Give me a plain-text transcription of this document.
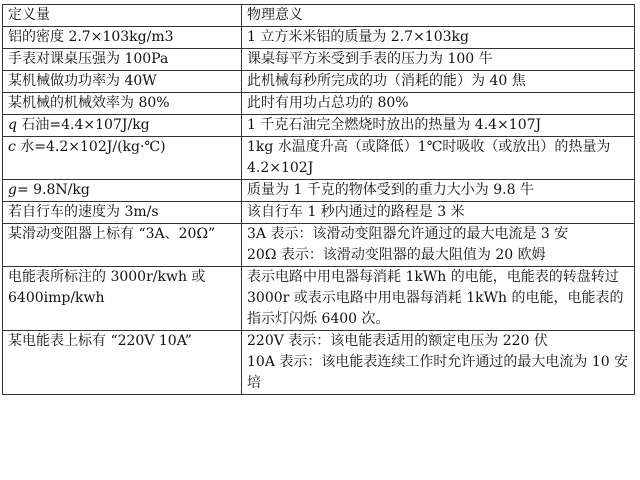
定义量	物理意义
铝的密度 2.7×103kg/m3	1 立方米米铝的质量为 2.7×103kg
手表对课桌压强为 100Pa	课桌每平方米受到手表的压力为 100 牛
某机械做功功率为 40W	此机械每秒所完成的功（消耗的能）为 40 焦
某机械的机械效率为 80%	此时有用功占总功的 80%
q 石油=4.4×107J/kg	1 千克石油完全燃烧时放出的热量为 4.4×107J
c 水=4.2×102J/(kg·℃)	1kg 水温度升高（或降低）1℃时吸收（或放出）的热量为 4.2×102J
g= 9.8N/kg	质量为 1 千克的物体受到的重力大小为 9.8 牛
若自行车的速度为 3m/s	该自行车 1 秒内通过的路程是 3 米
某滑动变阻器上标有 “3A、20Ω”	3A 表示：该滑动变阻器允许通过的最大电流是 3 安
20Ω 表示：该滑动变阻器的最大阻值为 20 欧姆

电能表所标注的 3000r/kwh 或 6400imp/kwh	表示电路中用电器每消耗 1kWh 的电能，电能表的转盘转过 3000r 或表示电路中用电器每消耗 1kWh 的电能，电能表的指示灯闪烁 6400 次。
某电能表上标有 “220V 10A”	220V 表示：该电能表适用的额定电压为 220 伏
10A 表示：该电能表连续工作时允许通过的最大电流为 10 安培
